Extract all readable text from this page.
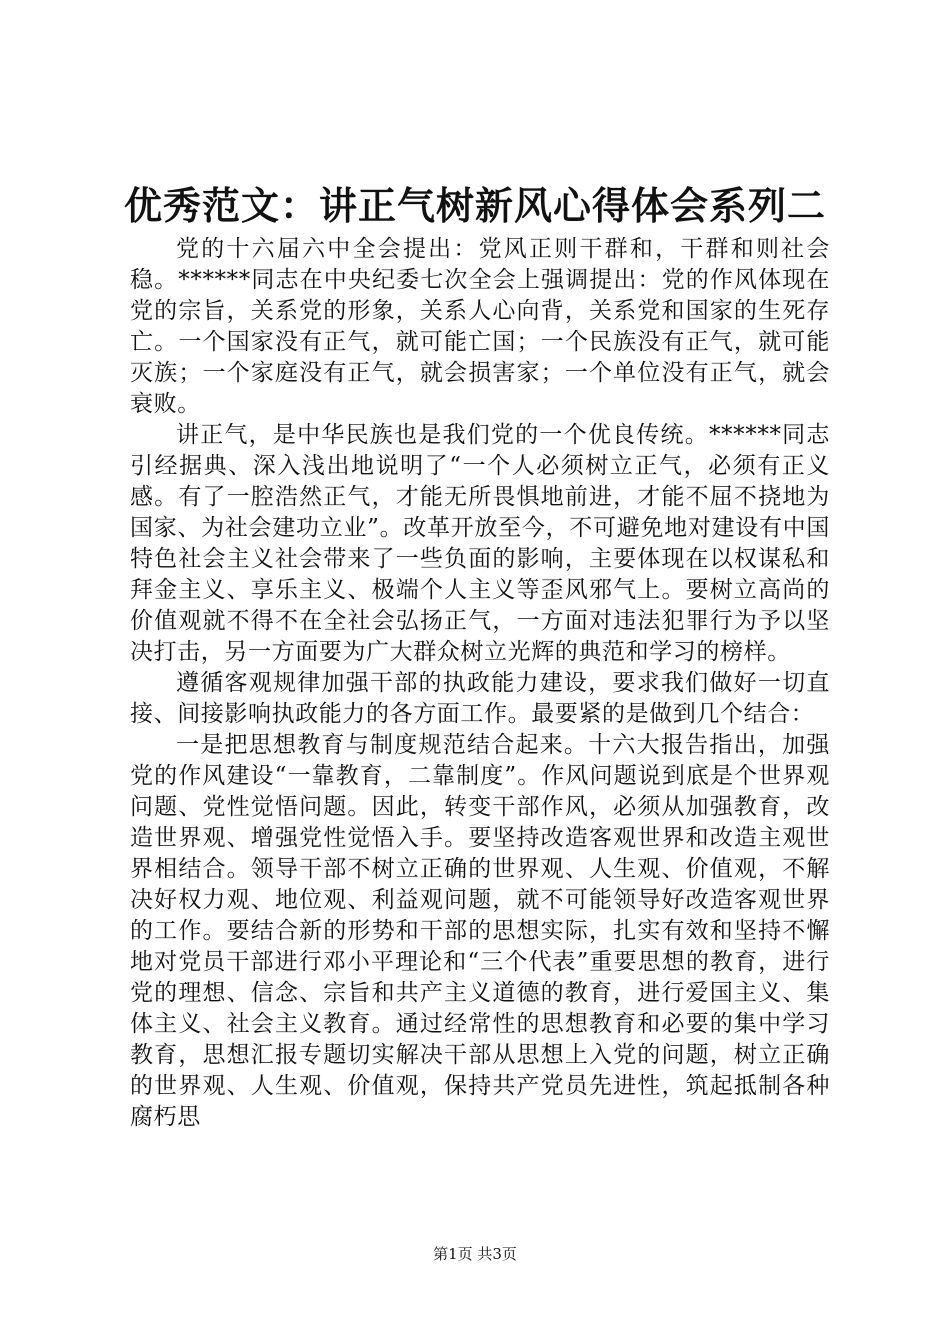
优秀范文：讲正气树新风心得体会系列二

党的十六届六中全会提出：党风正则干群和，干群和则社会稳。******同志在中央纪委七次全会上强调提出：党的作风体现在党的宗旨，关系党的形象，关系人心向背，关系党和国家的生死存亡。一个国家没有正气，就可能亡国；一个民族没有正气，就可能灭族；一个家庭没有正气，就会损害家；一个单位没有正气，就会衰败。

讲正气，是中华民族也是我们党的一个优良传统。******同志引经据典、深入浅出地说明了“一个人必须树立正气，必须有正义感。有了一腔浩然正气，才能无所畏惧地前进，才能不屈不挠地为国家、为社会建功立业”。改革开放至今，不可避免地对建设有中国特色社会主义社会带来了一些负面的影响，主要体现在以权谋私和拜金主义、享乐主义、极端个人主义等歪风邪气上。要树立高尚的价值观就不得不在全社会弘扬正气，一方面对违法犯罪行为予以坚决打击，另一方面要为广大群众树立光辉的典范和学习的榜样。

遵循客观规律加强干部的执政能力建设，要求我们做好一切直接、间接影响执政能力的各方面工作。最要紧的是做到几个结合：

一是把思想教育与制度规范结合起来。十六大报告指出，加强党的作风建设“一靠教育，二靠制度”。作风问题说到底是个世界观问题、党性觉悟问题。因此，转变干部作风，必须从加强教育，改造世界观、增强党性觉悟入手。要坚持改造客观世界和改造主观世界相结合。领导干部不树立正确的世界观、人生观、价值观，不解决好权力观、地位观、利益观问题，就不可能领导好改造客观世界的工作。要结合新的形势和干部的思想实际，扎实有效和坚持不懈地对党员干部进行邓小平理论和“三个代表”重要思想的教育，进行党的理想、信念、宗旨和共产主义道德的教育，进行爱国主义、集体主义、社会主义教育。通过经常性的思想教育和必要的集中学习教育，思想汇报专题切实解决干部从思想上入党的问题，树立正确的世界观、人生观、价值观，保持共产党员先进性，筑起抵制各种腐朽思

第1页 共3页
